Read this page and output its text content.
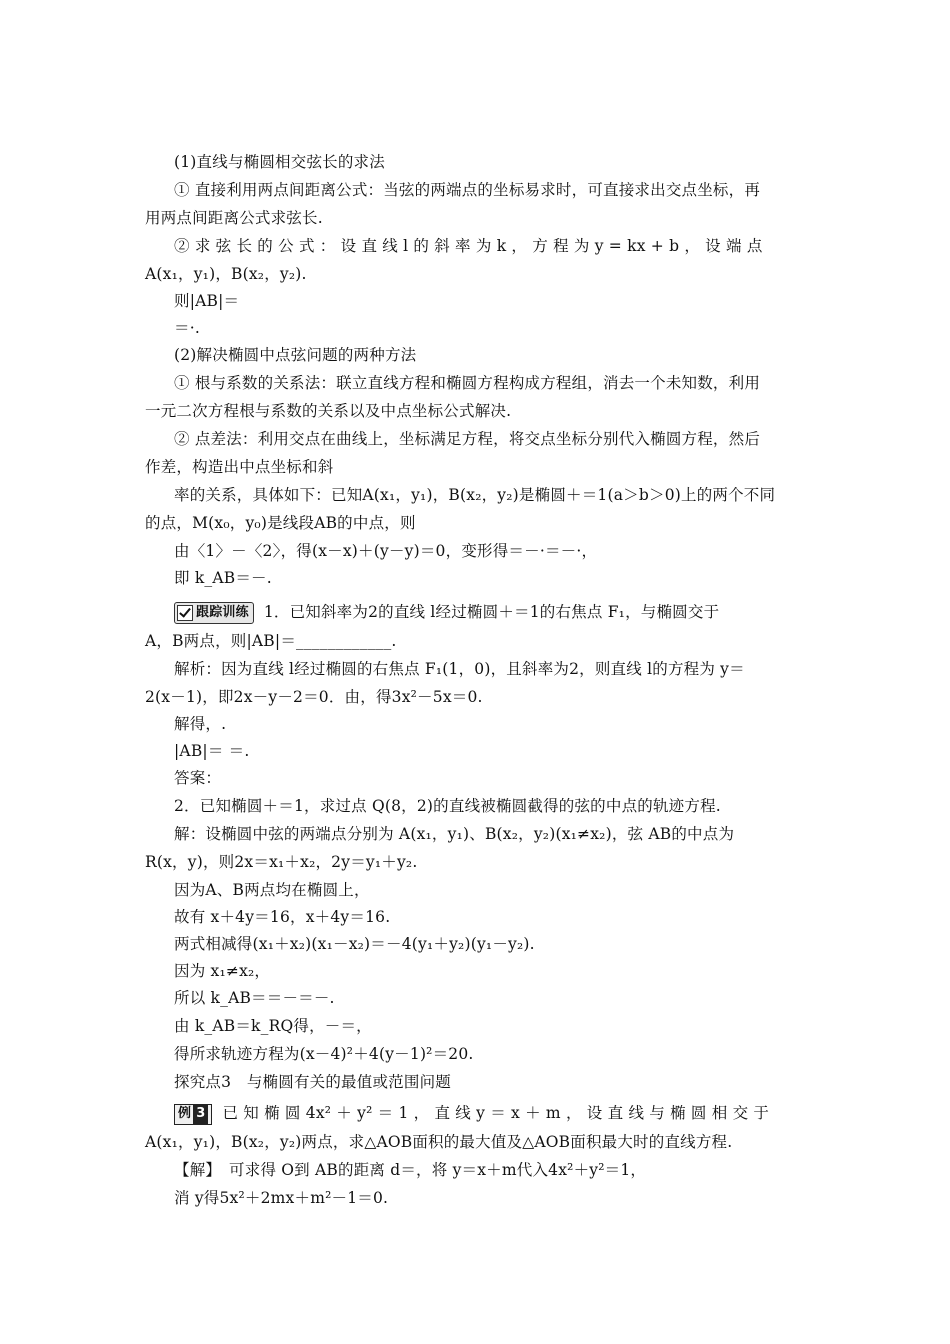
(1)直线与椭圆相交弦长的求法
① 直接利用两点间距离公式：当弦的两端点的坐标易求时，可直接求出交点坐标，再
用两点间距离公式求弦长.
② 求 弦 长 的 公 式 ： 设 直 线 l 的 斜 率 为 k ， 方 程 为 y = kx + b ， 设 端 点
A(x₁，y₁)，B(x₂，y₂).
则|AB|＝
＝·.
(2)解决椭圆中点弦问题的两种方法
① 根与系数的关系法：联立直线方程和椭圆方程构成方程组，消去一个未知数，利用
一元二次方程根与系数的关系以及中点坐标公式解决.
② 点差法：利用交点在曲线上，坐标满足方程，将交点坐标分别代入椭圆方程，然后
作差，构造出中点坐标和斜
率的关系，具体如下：已知A(x₁，y₁)，B(x₂，y₂)是椭圆＋＝1(a＞b＞0)上的两个不同
的点，M(x₀，y₀)是线段AB的中点，则
由〈1〉－〈2〉，得(x－x)＋(y－y)＝0，变形得＝－·＝－·，
即 k_AB＝－.
跟踪训练 1．已知斜率为2的直线 l经过椭圆＋＝1的右焦点 F₁，与椭圆交于
A，B两点，则|AB|＝____________.
解析：因为直线 l经过椭圆的右焦点 F₁(1，0)，且斜率为2，则直线 l的方程为 y＝
2(x－1)，即2x－y－2＝0．由，得3x²－5x＝0.
解得，.
|AB|＝ ＝.
答案：
2．已知椭圆＋＝1，求过点 Q(8，2)的直线被椭圆截得的弦的中点的轨迹方程.
解：设椭圆中弦的两端点分别为 A(x₁，y₁)、B(x₂，y₂)(x₁≠x₂)，弦 AB的中点为
R(x，y)，则2x＝x₁＋x₂，2y＝y₁＋y₂.
因为A、B两点均在椭圆上，
故有 x＋4y＝16，x＋4y＝16.
两式相减得(x₁＋x₂)(x₁－x₂)＝－4(y₁＋y₂)(y₁－y₂).
因为 x₁≠x₂，
所以 k_AB＝＝－＝－.
由 k_AB＝k_RQ得，－＝，
得所求轨迹方程为(x－4)²＋4(y－1)²＝20.
探究点3　与椭圆有关的最值或范围问题
例 3 已 知 椭 圆 4x² ＋ y² ＝ 1 ， 直 线 y ＝ x ＋ m ， 设 直 线 与 椭 圆 相 交 于
A(x₁，y₁)，B(x₂，y₂)两点，求△AOB面积的最大值及△AOB面积最大时的直线方程.
【解】　可求得 O到 AB的距离 d＝，将 y＝x＋m代入4x²＋y²＝1，
消 y得5x²＋2mx＋m²－1＝0.
